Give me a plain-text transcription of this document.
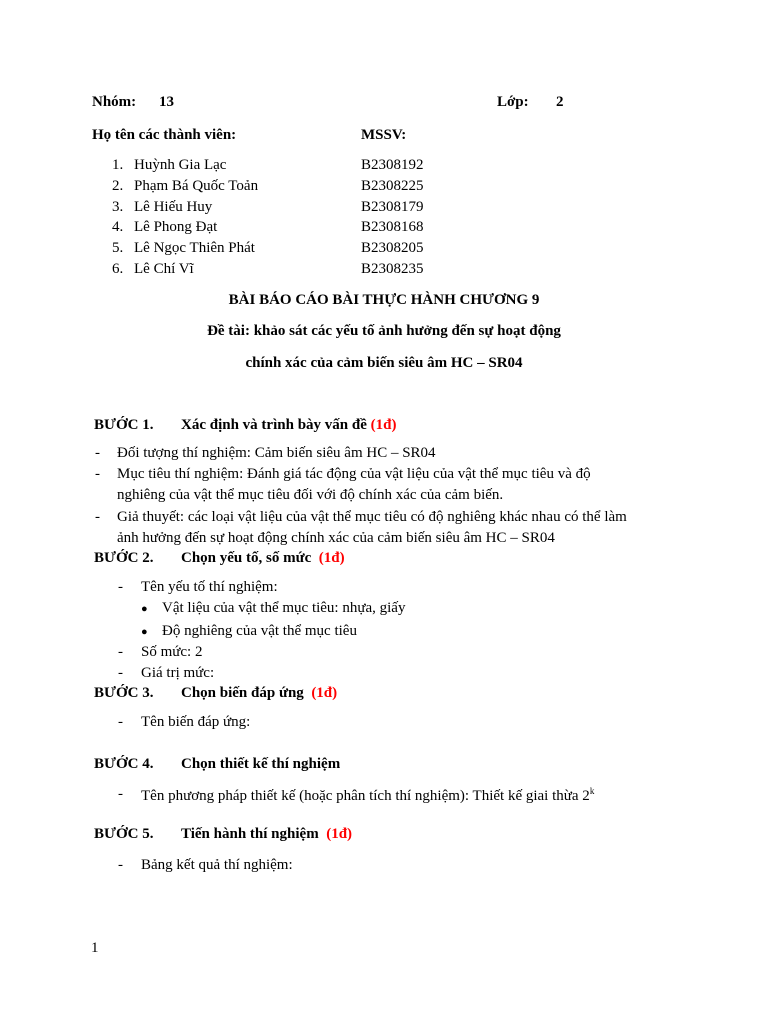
Nhóm: 13	Lớp: 2
Họ tên các thành viên:	MSSV:
1. Huỳnh Gia Lạc	B2308192
2. Phạm Bá Quốc Toản	B2308225
3. Lê Hiếu Huy	B2308179
4. Lê Phong Đạt	B2308168
5. Lê Ngọc Thiên Phát	B2308205
6. Lê Chí Vĩ	B2308235
BÀI BÁO CÁO BÀI THỰC HÀNH CHƯƠNG 9
Đề tài: khảo sát các yếu tố ảnh hưởng đến sự hoạt động
chính xác của cảm biến siêu âm HC – SR04
BƯỚC 1. Xác định và trình bày vấn đề (1đ)
- Đối tượng thí nghiệm: Cảm biến siêu âm HC – SR04
- Mục tiêu thí nghiệm: Đánh giá tác động của vật liệu của vật thể mục tiêu và độ
nghiêng của vật thể mục tiêu đối với độ chính xác của cảm biến.
- Giả thuyết: các loại vật liệu của vật thể mục tiêu có độ nghiêng khác nhau có thể làm
ảnh hưởng đến sự hoạt động chính xác của cảm biến siêu âm HC – SR04
BƯỚC 2. Chọn yếu tố, số mức (1đ)
- Tên yếu tố thí nghiệm:
● Vật liệu của vật thể mục tiêu: nhựa, giấy
● Độ nghiêng của vật thể mục tiêu
- Số mức: 2
- Giá trị mức:
BƯỚC 3. Chọn biến đáp ứng (1đ)
- Tên biến đáp ứng:
BƯỚC 4. Chọn thiết kế thí nghiệm
- Tên phương pháp thiết kế (hoặc phân tích thí nghiệm): Thiết kế giai thừa 2$^k$
BƯỚC 5. Tiến hành thí nghiệm (1đ)
- Bảng kết quả thí nghiệm:
1
